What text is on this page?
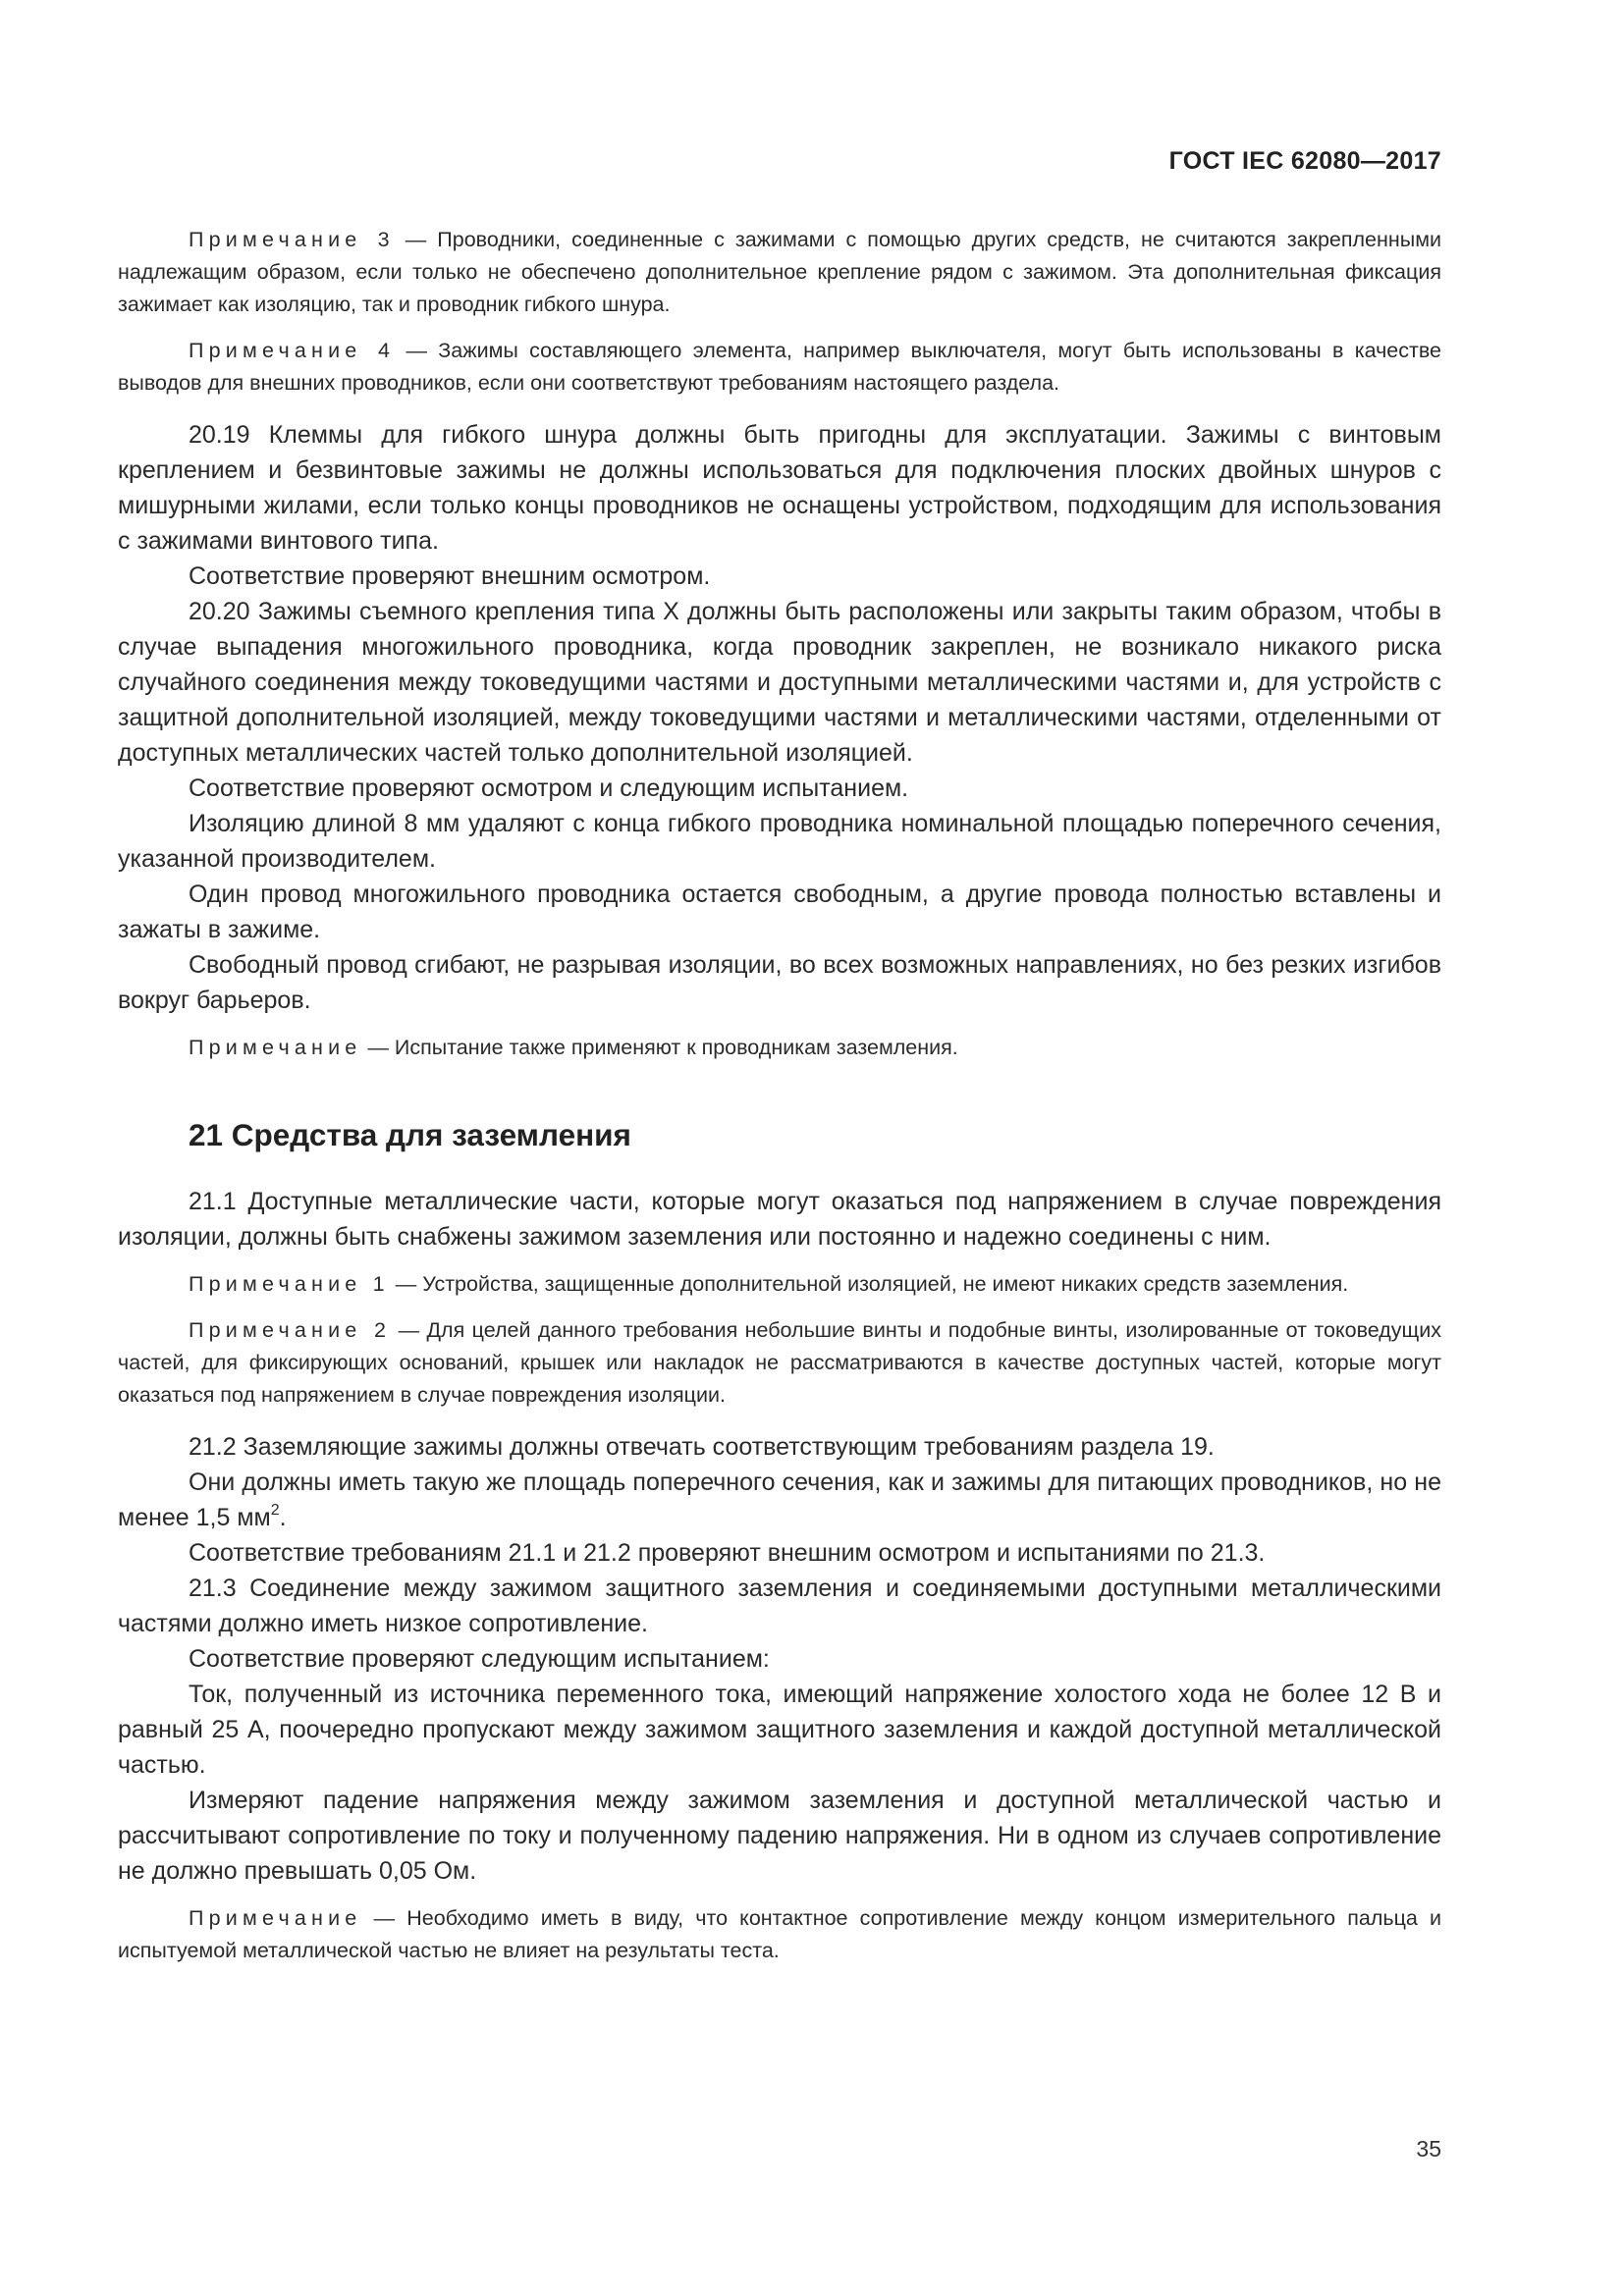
ГОСТ IEC 62080—2017

Примечание 3 — Проводники, соединенные с зажимами с помощью других средств, не считаются закрепленными надлежащим образом, если только не обеспечено дополнительное крепление рядом с зажимом. Эта дополнительная фиксация зажимает как изоляцию, так и проводник гибкого шнура.

Примечание 4 — Зажимы составляющего элемента, например выключателя, могут быть использованы в качестве выводов для внешних проводников, если они соответствуют требованиям настоящего раздела.

20.19 Клеммы для гибкого шнура должны быть пригодны для эксплуатации. Зажимы с винтовым креплением и безвинтовые зажимы не должны использоваться для подключения плоских двойных шнуров с мишурными жилами, если только концы проводников не оснащены устройством, подходящим для использования с зажимами винтового типа.

Соответствие проверяют внешним осмотром.

20.20 Зажимы съемного крепления типа Х должны быть расположены или закрыты таким образом, чтобы в случае выпадения многожильного проводника, когда проводник закреплен, не возникало никакого риска случайного соединения между токоведущими частями и доступными металлическими частями и, для устройств с защитной дополнительной изоляцией, между токоведущими частями и металлическими частями, отделенными от доступных металлических частей только дополнительной изоляцией.

Соответствие проверяют осмотром и следующим испытанием.

Изоляцию длиной 8 мм удаляют с конца гибкого проводника номинальной площадью поперечного сечения, указанной производителем.

Один провод многожильного проводника остается свободным, а другие провода полностью вставлены и зажаты в зажиме.

Свободный провод сгибают, не разрывая изоляции, во всех возможных направлениях, но без резких изгибов вокруг барьеров.

Примечание — Испытание также применяют к проводникам заземления.

21 Средства для заземления

21.1 Доступные металлические части, которые могут оказаться под напряжением в случае повреждения изоляции, должны быть снабжены зажимом заземления или постоянно и надежно соединены с ним.

Примечание 1 — Устройства, защищенные дополнительной изоляцией, не имеют никаких средств заземления.

Примечание 2 — Для целей данного требования небольшие винты и подобные винты, изолированные от токоведущих частей, для фиксирующих оснований, крышек или накладок не рассматриваются в качестве доступных частей, которые могут оказаться под напряжением в случае повреждения изоляции.

21.2 Заземляющие зажимы должны отвечать соответствующим требованиям раздела 19.

Они должны иметь такую же площадь поперечного сечения, как и зажимы для питающих проводников, но не менее 1,5 $мм^2$.

Соответствие требованиям 21.1 и 21.2 проверяют внешним осмотром и испытаниями по 21.3.

21.3 Соединение между зажимом защитного заземления и соединяемыми доступными металлическими частями должно иметь низкое сопротивление.

Соответствие проверяют следующим испытанием:

Ток, полученный из источника переменного тока, имеющий напряжение холостого хода не более 12 В и равный 25 А, поочередно пропускают между зажимом защитного заземления и каждой доступной металлической частью.

Измеряют падение напряжения между зажимом заземления и доступной металлической частью и рассчитывают сопротивление по току и полученному падению напряжения. Ни в одном из случаев сопротивление не должно превышать 0,05 Ом.

Примечание — Необходимо иметь в виду, что контактное сопротивление между концом измерительного пальца и испытуемой металлической частью не влияет на результаты теста.

35
